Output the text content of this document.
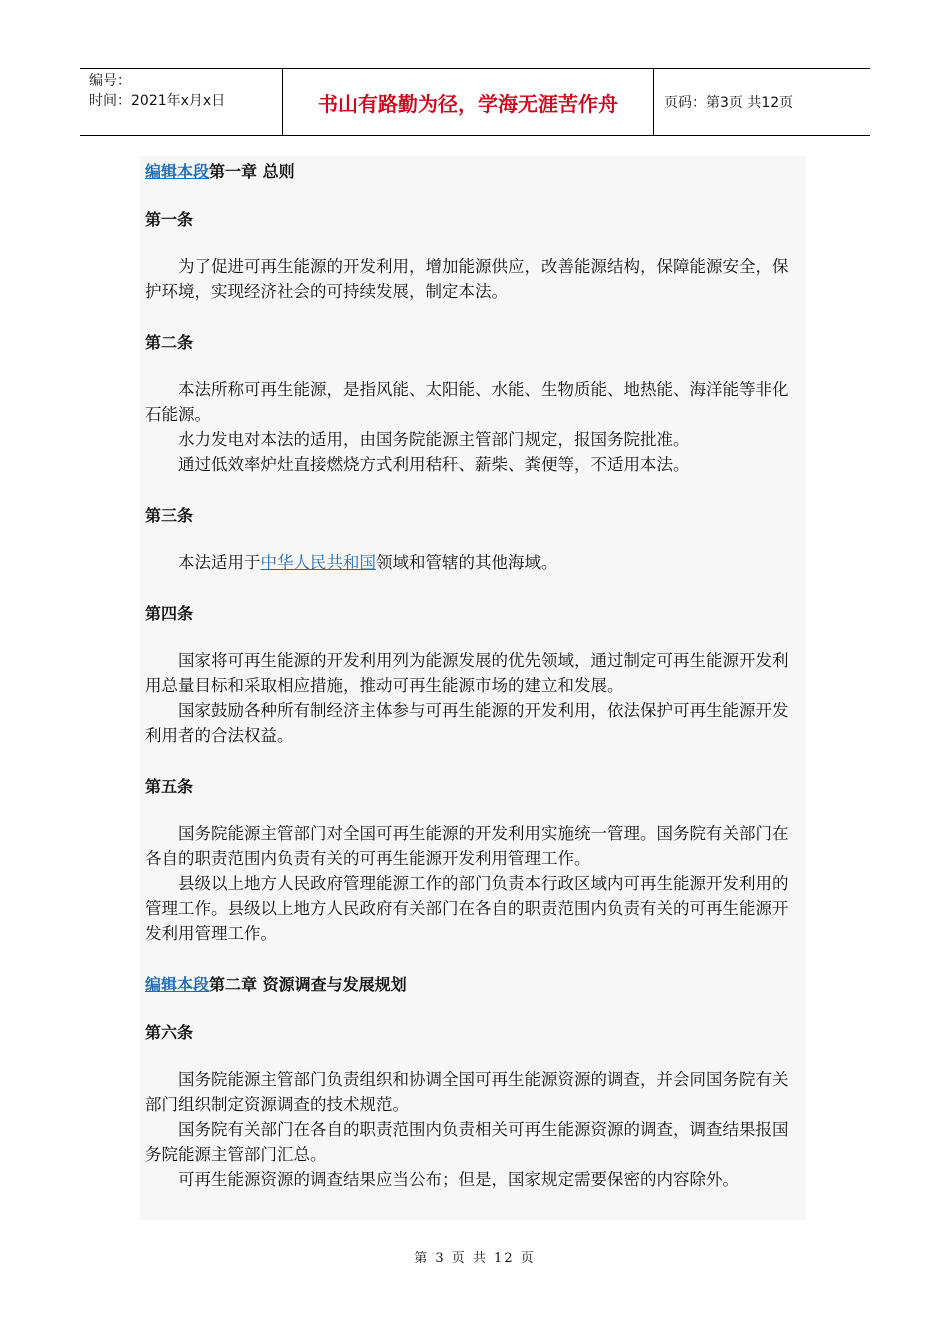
编号：
时间：2021年x月x日	书山有路勤为径，学海无涯苦作舟	页码：第3页 共12页
编辑本段第一章 总则
第一条

为了促进可再生能源的开发利用，增加能源供应，改善能源结构，保障能源安全，保护环境，实现经济社会的可持续发展，制定本法。

第二条

本法所称可再生能源，是指风能、太阳能、水能、生物质能、地热能、海洋能等非化石能源。

水力发电对本法的适用，由国务院能源主管部门规定，报国务院批准。

通过低效率炉灶直接燃烧方式利用秸秆、薪柴、粪便等，不适用本法。

第三条

本法适用于中华人民共和国领域和管辖的其他海域。

第四条

国家将可再生能源的开发利用列为能源发展的优先领域，通过制定可再生能源开发利用总量目标和采取相应措施，推动可再生能源市场的建立和发展。

国家鼓励各种所有制经济主体参与可再生能源的开发利用，依法保护可再生能源开发利用者的合法权益。

第五条

国务院能源主管部门对全国可再生能源的开发利用实施统一管理。国务院有关部门在各自的职责范围内负责有关的可再生能源开发利用管理工作。

县级以上地方人民政府管理能源工作的部门负责本行政区域内可再生能源开发利用的管理工作。县级以上地方人民政府有关部门在各自的职责范围内负责有关的可再生能源开发利用管理工作。

编辑本段第二章 资源调查与发展规划
第六条

国务院能源主管部门负责组织和协调全国可再生能源资源的调查，并会同国务院有关部门组织制定资源调查的技术规范。

国务院有关部门在各自的职责范围内负责相关可再生能源资源的调查，调查结果报国务院能源主管部门汇总。

可再生能源资源的调查结果应当公布；但是，国家规定需要保密的内容除外。

第 3 页 共 12 页
